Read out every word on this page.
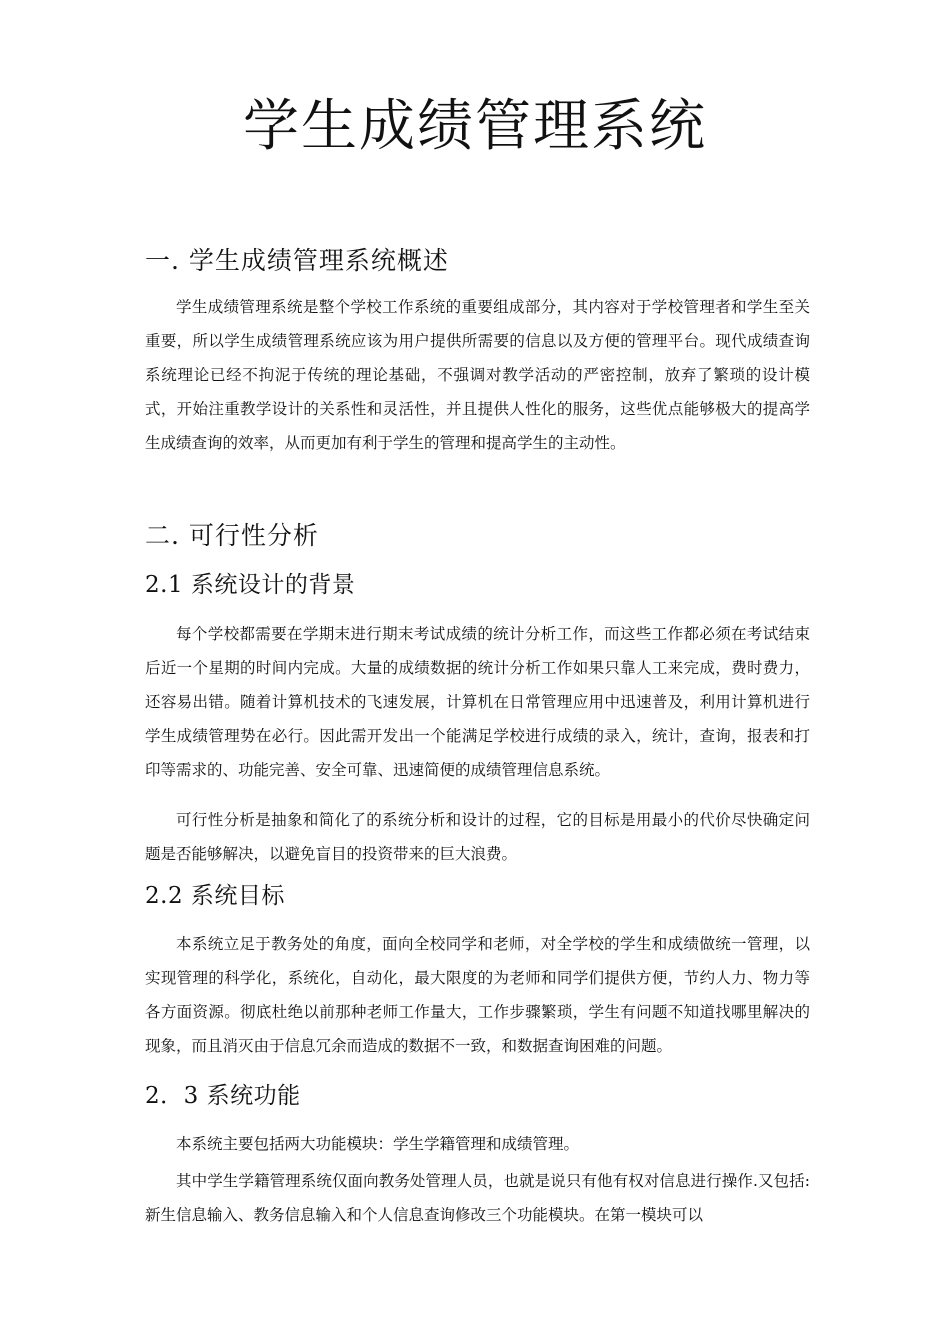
学生成绩管理系统
一. 学生成绩管理系统概述

学生成绩管理系统是整个学校工作系统的重要组成部分，其内容对于学校管理者和学生至关重要，所以学生成绩管理系统应该为用户提供所需要的信息以及方便的管理平台。现代成绩查询系统理论已经不拘泥于传统的理论基础，不强调对教学活动的严密控制，放弃了繁琐的设计模式，开始注重教学设计的关系性和灵活性，并且提供人性化的服务，这些优点能够极大的提高学生成绩查询的效率，从而更加有利于学生的管理和提高学生的主动性。

二. 可行性分析
2.1 系统设计的背景

每个学校都需要在学期末进行期末考试成绩的统计分析工作，而这些工作都必须在考试结束后近一个星期的时间内完成。大量的成绩数据的统计分析工作如果只靠人工来完成，费时费力，还容易出错。随着计算机技术的飞速发展，计算机在日常管理应用中迅速普及，利用计算机进行学生成绩管理势在必行。因此需开发出一个能满足学校进行成绩的录入，统计，查询，报表和打印等需求的、功能完善、安全可靠、迅速简便的成绩管理信息系统。

可行性分析是抽象和简化了的系统分析和设计的过程，它的目标是用最小的代价尽快确定问题是否能够解决，以避免盲目的投资带来的巨大浪费。

2.2 系统目标

本系统立足于教务处的角度，面向全校同学和老师，对全学校的学生和成绩做统一管理，以实现管理的科学化，系统化，自动化，最大限度的为老师和同学们提供方便，节约人力、物力等各方面资源。彻底杜绝以前那种老师工作量大，工作步骤繁琐，学生有问题不知道找哪里解决的现象，而且消灭由于信息冗余而造成的数据不一致，和数据查询困难的问题。

2．3 系统功能

本系统主要包括两大功能模块：学生学籍管理和成绩管理。

其中学生学籍管理系统仅面向教务处管理人员，也就是说只有他有权对信息进行操作.又包括:新生信息输入、教务信息输入和个人信息查询修改三个功能模块。在第一模块可以
